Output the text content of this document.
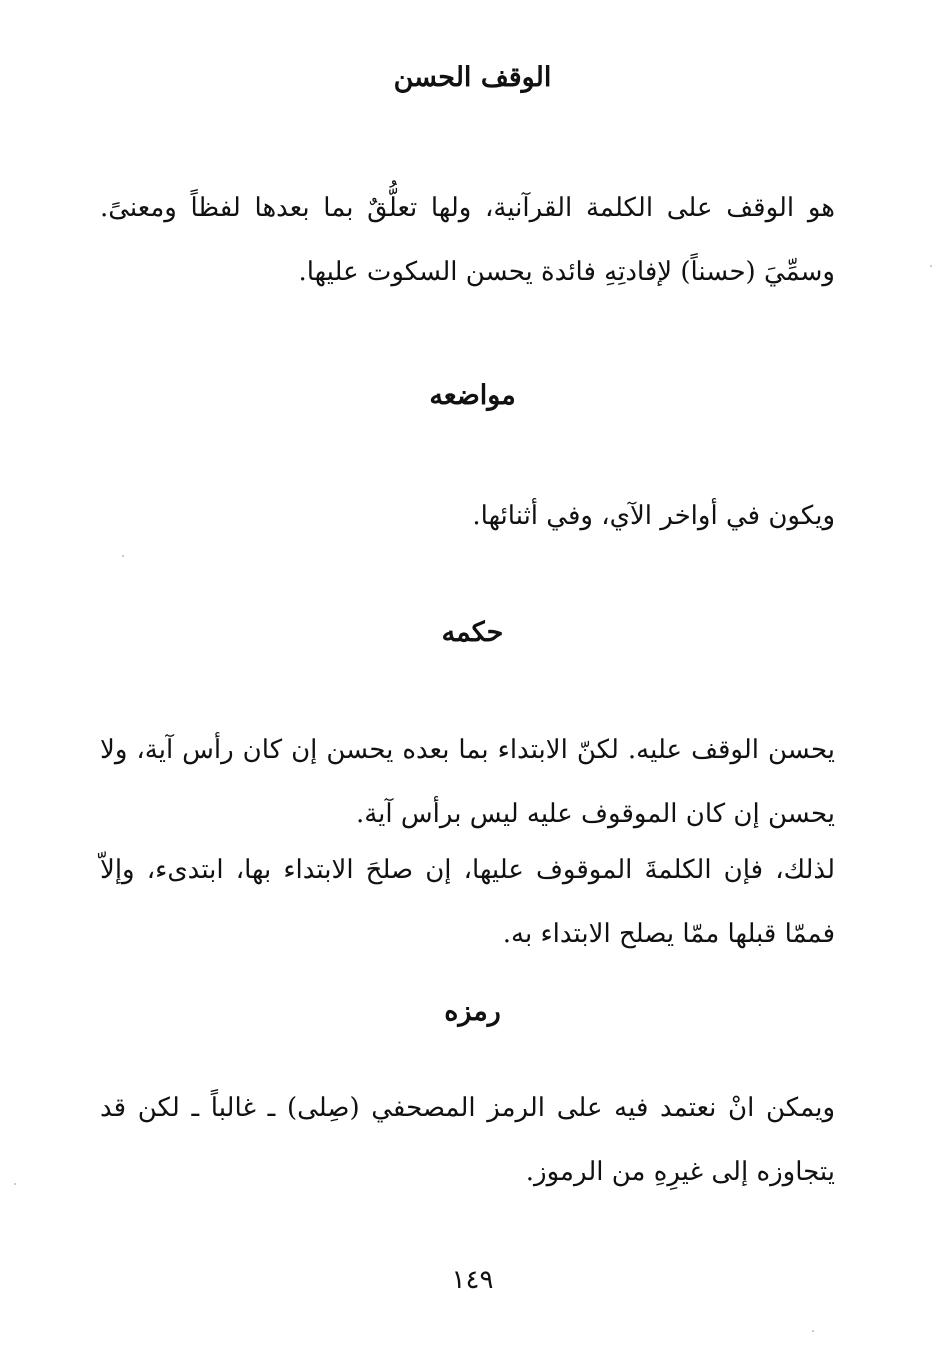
الوقف الحسن

هو الوقف على الكلمة القرآنية، ولها تعلُّقٌ بما بعدها لفظاً ومعنىً. وسمِّيَ (حسناً) لإفادتِهِ فائدة يحسن السكوت عليها.

مواضعه

ويكون في أواخر الآي، وفي أثنائها.

حكمه

يحسن الوقف عليه. لكنّ الابتداء بما بعده يحسن إن كان رأس آية، ولا يحسن إن كان الموقوف عليه ليس برأس آية.

لذلك، فإن الكلمةَ الموقوف عليها، إن صلحَ الابتداء بها، ابتدىء، وإلاّ فممّا قبلها ممّا يصلح الابتداء به.

رمزه

ويمكن انْ نعتمد فيه على الرمز المصحفي (صِلى) ـ غالباً ـ لكن قد يتجاوزه إلى غيرِهِ من الرموز.

١٤٩
